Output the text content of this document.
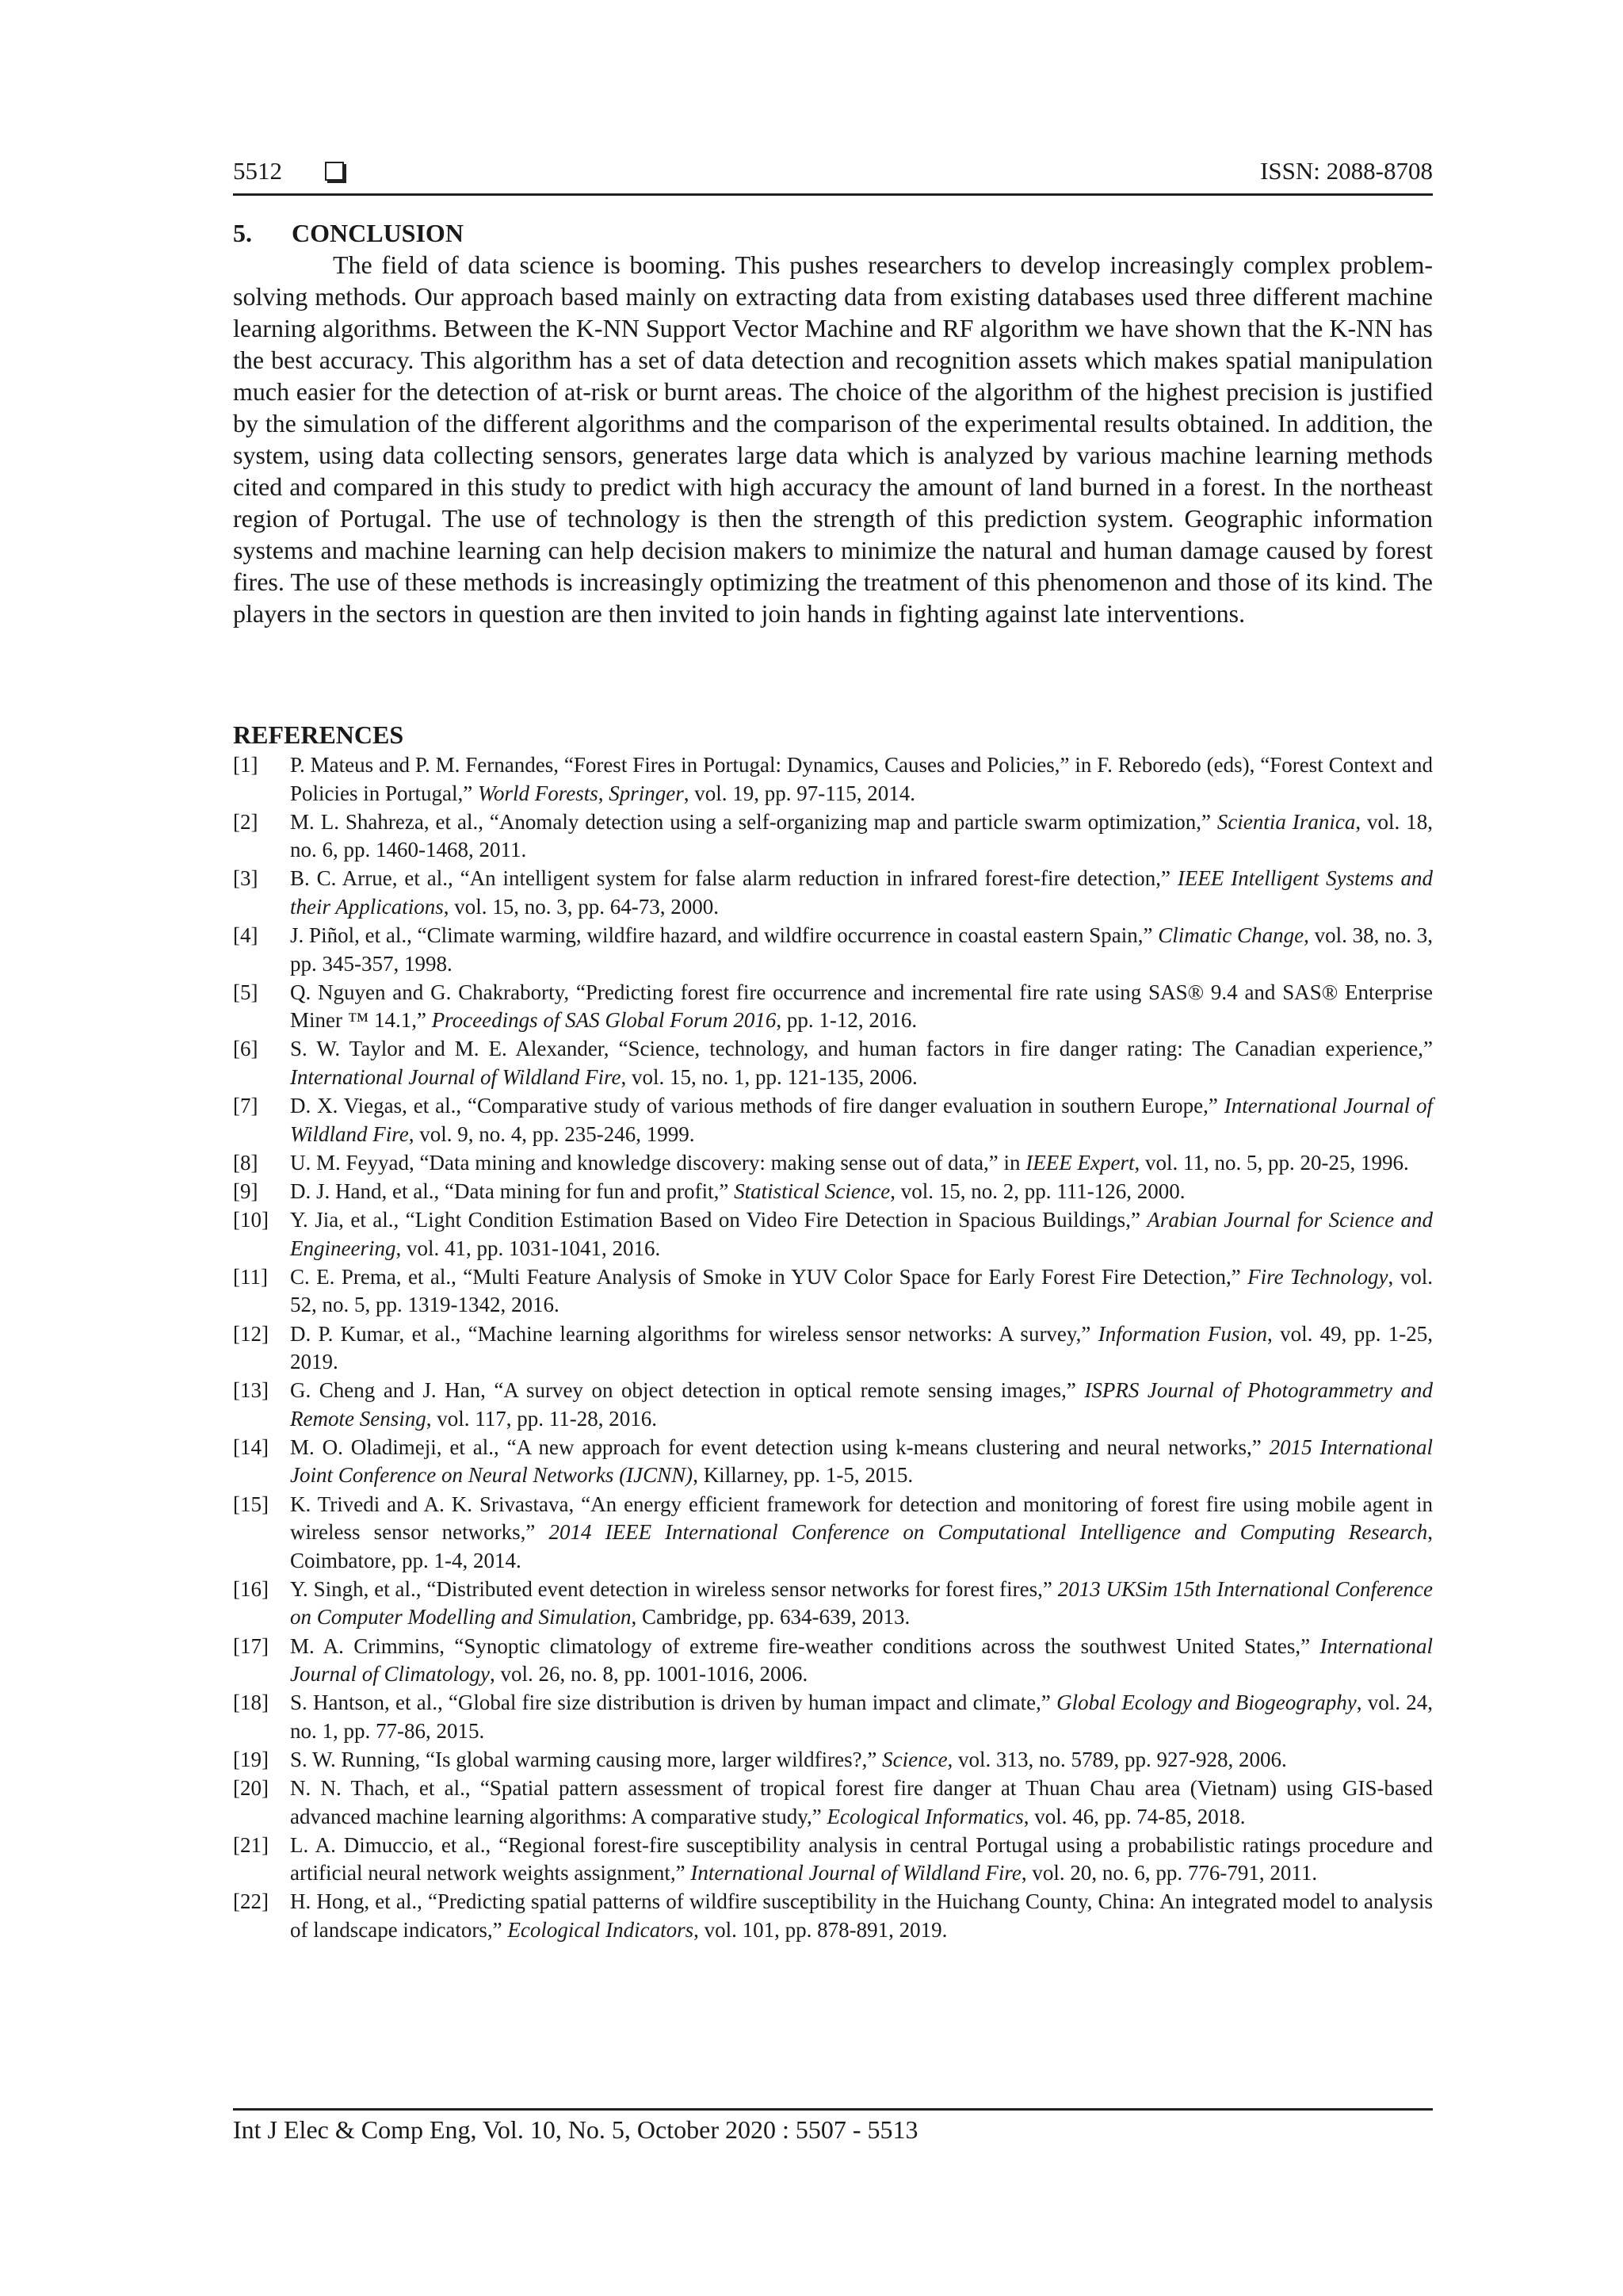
5512	ISSN: 2088-8708
5. CONCLUSION

The field of data science is booming. This pushes researchers to develop increasingly complex problem-solving methods. Our approach based mainly on extracting data from existing databases used three different machine learning algorithms. Between the K-NN Support Vector Machine and RF algorithm we have shown that the K-NN has the best accuracy. This algorithm has a set of data detection and recognition assets which makes spatial manipulation much easier for the detection of at-risk or burnt areas. The choice of the algorithm of the highest precision is justified by the simulation of the different algorithms and the comparison of the experimental results obtained. In addition, the system, using data collecting sensors, generates large data which is analyzed by various machine learning methods cited and compared in this study to predict with high accuracy the amount of land burned in a forest. In the northeast region of Portugal. The use of technology is then the strength of this prediction system. Geographic information systems and machine learning can help decision makers to minimize the natural and human damage caused by forest fires. The use of these methods is increasingly optimizing the treatment of this phenomenon and those of its kind. The players in the sectors in question are then invited to join hands in fighting against late interventions.

REFERENCES
[1] P. Mateus and P. M. Fernandes, “Forest Fires in Portugal: Dynamics, Causes and Policies,” in F. Reboredo (eds), “Forest Context and Policies in Portugal,” World Forests, Springer, vol. 19, pp. 97-115, 2014.
[2] M. L. Shahreza, et al., “Anomaly detection using a self-organizing map and particle swarm optimization,” Scientia Iranica, vol. 18, no. 6, pp. 1460-1468, 2011.
[3] B. C. Arrue, et al., “An intelligent system for false alarm reduction in infrared forest-fire detection,” IEEE Intelligent Systems and their Applications, vol. 15, no. 3, pp. 64-73, 2000.
[4] J. Piñol, et al., “Climate warming, wildfire hazard, and wildfire occurrence in coastal eastern Spain,” Climatic Change, vol. 38, no. 3, pp. 345-357, 1998.
[5] Q. Nguyen and G. Chakraborty, “Predicting forest fire occurrence and incremental fire rate using SAS® 9.4 and SAS® Enterprise Miner ™ 14.1,” Proceedings of SAS Global Forum 2016, pp. 1-12, 2016.
[6] S. W. Taylor and M. E. Alexander, “Science, technology, and human factors in fire danger rating: The Canadian experience,” International Journal of Wildland Fire, vol. 15, no. 1, pp. 121-135, 2006.
[7] D. X. Viegas, et al., “Comparative study of various methods of fire danger evaluation in southern Europe,” International Journal of Wildland Fire, vol. 9, no. 4, pp. 235-246, 1999.
[8] U. M. Feyyad, “Data mining and knowledge discovery: making sense out of data,” in IEEE Expert, vol. 11, no. 5, pp. 20-25, 1996.
[9] D. J. Hand, et al., “Data mining for fun and profit,” Statistical Science, vol. 15, no. 2, pp. 111-126, 2000.
[10] Y. Jia, et al., “Light Condition Estimation Based on Video Fire Detection in Spacious Buildings,” Arabian Journal for Science and Engineering, vol. 41, pp. 1031-1041, 2016.
[11] C. E. Prema, et al., “Multi Feature Analysis of Smoke in YUV Color Space for Early Forest Fire Detection,” Fire Technology, vol. 52, no. 5, pp. 1319-1342, 2016.
[12] D. P. Kumar, et al., “Machine learning algorithms for wireless sensor networks: A survey,” Information Fusion, vol. 49, pp. 1-25, 2019.
[13] G. Cheng and J. Han, “A survey on object detection in optical remote sensing images,” ISPRS Journal of Photogrammetry and Remote Sensing, vol. 117, pp. 11-28, 2016.
[14] M. O. Oladimeji, et al., “A new approach for event detection using k-means clustering and neural networks,” 2015 International Joint Conference on Neural Networks (IJCNN), Killarney, pp. 1-5, 2015.
[15] K. Trivedi and A. K. Srivastava, “An energy efficient framework for detection and monitoring of forest fire using mobile agent in wireless sensor networks,” 2014 IEEE International Conference on Computational Intelligence and Computing Research, Coimbatore, pp. 1-4, 2014.
[16] Y. Singh, et al., “Distributed event detection in wireless sensor networks for forest fires,” 2013 UKSim 15th International Conference on Computer Modelling and Simulation, Cambridge, pp. 634-639, 2013.
[17] M. A. Crimmins, “Synoptic climatology of extreme fire-weather conditions across the southwest United States,” International Journal of Climatology, vol. 26, no. 8, pp. 1001-1016, 2006.
[18] S. Hantson, et al., “Global fire size distribution is driven by human impact and climate,” Global Ecology and Biogeography, vol. 24, no. 1, pp. 77-86, 2015.
[19] S. W. Running, “Is global warming causing more, larger wildfires?,” Science, vol. 313, no. 5789, pp. 927-928, 2006.
[20] N. N. Thach, et al., “Spatial pattern assessment of tropical forest fire danger at Thuan Chau area (Vietnam) using GIS-based advanced machine learning algorithms: A comparative study,” Ecological Informatics, vol. 46, pp. 74-85, 2018.
[21] L. A. Dimuccio, et al., “Regional forest-fire susceptibility analysis in central Portugal using a probabilistic ratings procedure and artificial neural network weights assignment,” International Journal of Wildland Fire, vol. 20, no. 6, pp. 776-791, 2011.
[22] H. Hong, et al., “Predicting spatial patterns of wildfire susceptibility in the Huichang County, China: An integrated model to analysis of landscape indicators,” Ecological Indicators, vol. 101, pp. 878-891, 2019.
Int J Elec & Comp Eng, Vol. 10, No. 5, October 2020 : 5507 - 5513
